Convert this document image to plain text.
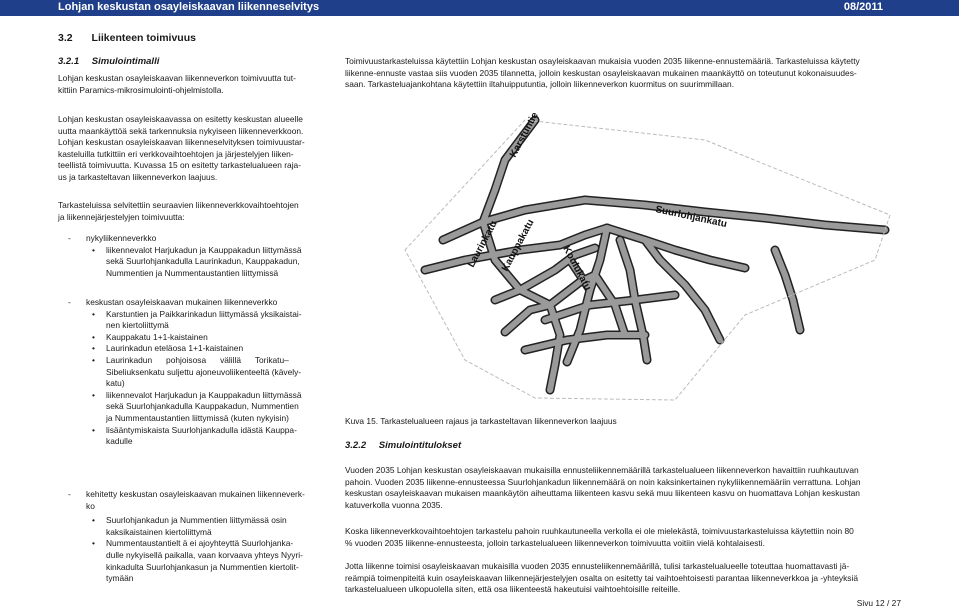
Lohjan keskustan osayleiskaavan liikenneselvitys	08/2011
3.2 Liikenteen toimivuus
3.2.1 Simulointimalli
Lohjan keskustan osayleiskaavan liikenneverkon toimivuutta tut-
kittiin Paramics-mikrosimulointi-ohjelmistolla.
Lohjan keskustan osayleiskaavassa on esitetty keskustan alueelle
uutta maankäyttöä sekä tarkennuksia nykyiseen liikenneverkkoon.
Lohjan keskustan osayleiskaavan liikenneselvityksen toimivuustar-
kasteluilla tutkittiin eri verkkovaihtoehtojen ja järjestelyjen liiken-
teellistä toimivuutta. Kuvassa 15 on esitetty tarkastelualueen raja-
us ja tarkasteltavan liikenneverkon laajuus.
Tarkasteluissa selvitettiin seuraavien liikenneverkkovaihtoehtojen
ja liikennejärjestelyjen toimivuutta:
- nykyliikenneverkko
• liikennevalot Harjukadun ja Kauppakadun liittymässä
sekä Suurlohjankadulla Laurinkadun, Kauppakadun,
Nummentien ja Nummentaustantien liittymissä
- keskustan osayleiskaavan mukainen liikenneverkko
• Karstuntien ja Paikkarinkadun liittymässä yksikaistai-
nen kiertoliittymä
• Kauppakatu 1+1-kaistainen
• Laurinkadun eteläosa 1+1-kaistainen
• Laurinkadun      pohjoisosa      välillä      Torikatu–
Sibeliuksenkatu suljettu ajoneuvoliikenteeltä (kävely-
katu)
• liikennevalot Harjukadun ja Kauppakadun liittymässä
sekä Suurlohjankadulla Kauppakadun, Nummentien
ja Nummentaustantien liittymissä (kuten nykyisin)
• lisääntymiskaista Suurlohjankadulla idästä Kauppa-
kadulle
- kehitetty keskustan osayleiskaavan mukainen liikenneverk-
ko
• Suurlohjankadun ja Nummentien liittymässä osin
kaksikaistainen kiertoliittymä
• Nummentaustantielt ä ei ajoyhteyttä Suurlohjanka-
dulle nykyisellä paikalla, vaan korvaava yhteys Nyyri-
kinkadulta Suurlohjankasun ja Nummentien kiertolit-
tymään
Toimivuustarkasteluissa käytettiin Lohjan keskustan osayleiskaavan mukaisia vuoden 2035 liikenne-ennustemääriä. Tarkasteluissa käytetty
liikenne-ennuste vastaa siis vuoden 2035 tilannetta, jolloin keskustan osayleiskaavan mukainen maankäyttö on toteutunut kokonaisuudes-
saan. Tarkasteluajankohtana käytettiin iltahuipputuntia, jolloin liikenneverkon kuormitus on suurimmillaan.
Karstuntie
Suurlohjankatu
Laurinkatu Kauppakatu Koulukatu
Kuva 15. Tarkastelualueen rajaus ja tarkasteltavan liikenneverkon laajuus
3.2.2 Simulointitulokset
Vuoden 2035 Lohjan keskustan osayleiskaavan mukaisilla ennusteliikennemäärillä tarkastelualueen liikenneverkon havaittiin ruuhkautuvan
pahoin. Vuoden 2035 liikenne-ennusteessa Suurlohjankadun liikennemäärä on noin kaksinkertainen nykyliikennemääriin verrattuna. Lohjan
keskustan osayleiskaavan mukaisen maankäytön aiheuttama liikenteen kasvu sekä muu liikenteen kasvu on huomattava Lohjan keskustan
katuverkolla vuonna 2035.
Koska liikenneverkkovaihtoehtojen tarkastelu pahoin ruuhkautuneella verkolla ei ole mielekästä, toimivuustarkasteluissa käytettiin noin 80
% vuoden 2035 liikenne-ennusteesta, jolloin tarkastelualueen liikenneverkon toimivuutta voitiin vielä kohtalaisesti.
Jotta liikenne toimisi osayleiskaavan mukaisilla vuoden 2035 ennusteliikennemäärillä, tulisi tarkastelualueelle toteuttaa huomattavasti jä-
reämpiä toimenpiteitä kuin osayleiskaavan liikennejärjestelyjen osalta on esitetty tai vaihtoehtoisesti parantaa liikenneverkkoa ja -yhteyksiä
tarkastelualueen ulkopuolella siten, että osa liikenteestä hakeutuisi vaihtoehtoisille reiteille.
Sivu 12 / 27
